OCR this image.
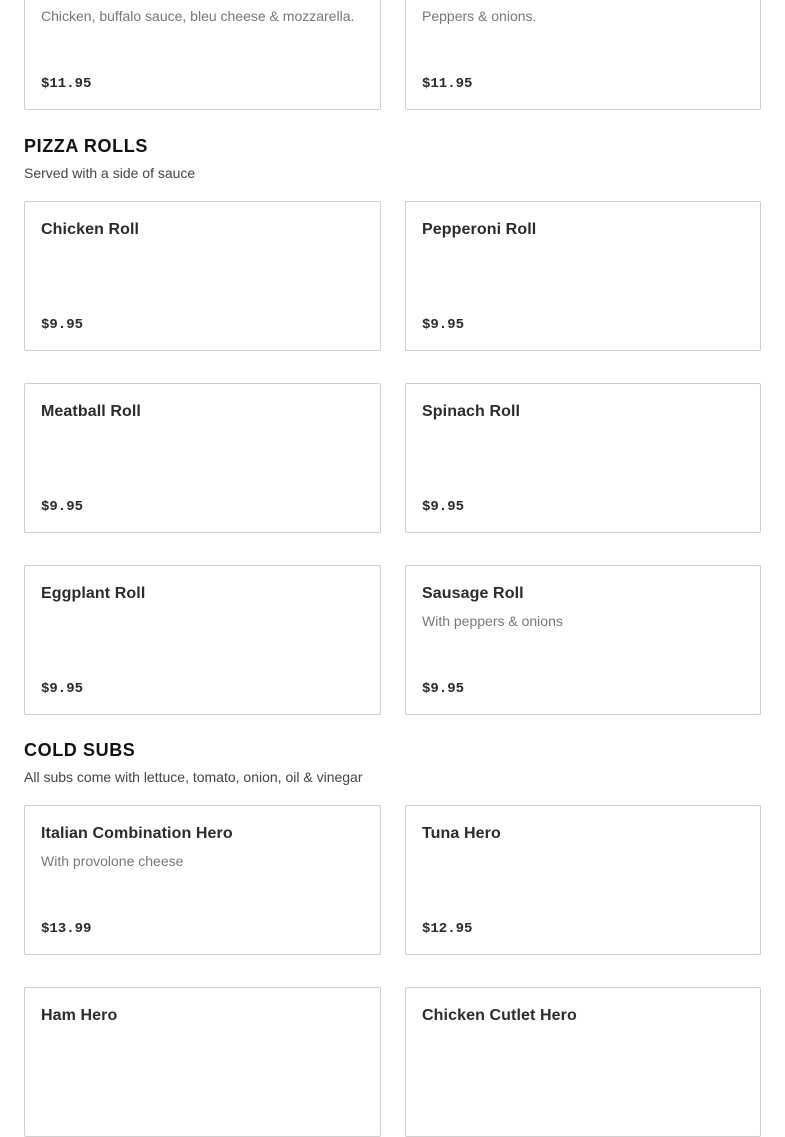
Chicken, buffalo sauce, bleu cheese & mozzarella.
$11.95
Peppers & onions.
$11.95
PIZZA ROLLS

Served with a side of sauce

Chicken Roll
$9.95
Pepperoni Roll
$9.95
Meatball Roll
$9.95
Spinach Roll
$9.95
Eggplant Roll
$9.95
Sausage Roll
With peppers & onions
$9.95
COLD SUBS

All subs come with lettuce, tomato, onion, oil & vinegar

Italian Combination Hero
With provolone cheese
$13.99
Tuna Hero
$12.95
Ham Hero	Chicken Cutlet Hero
